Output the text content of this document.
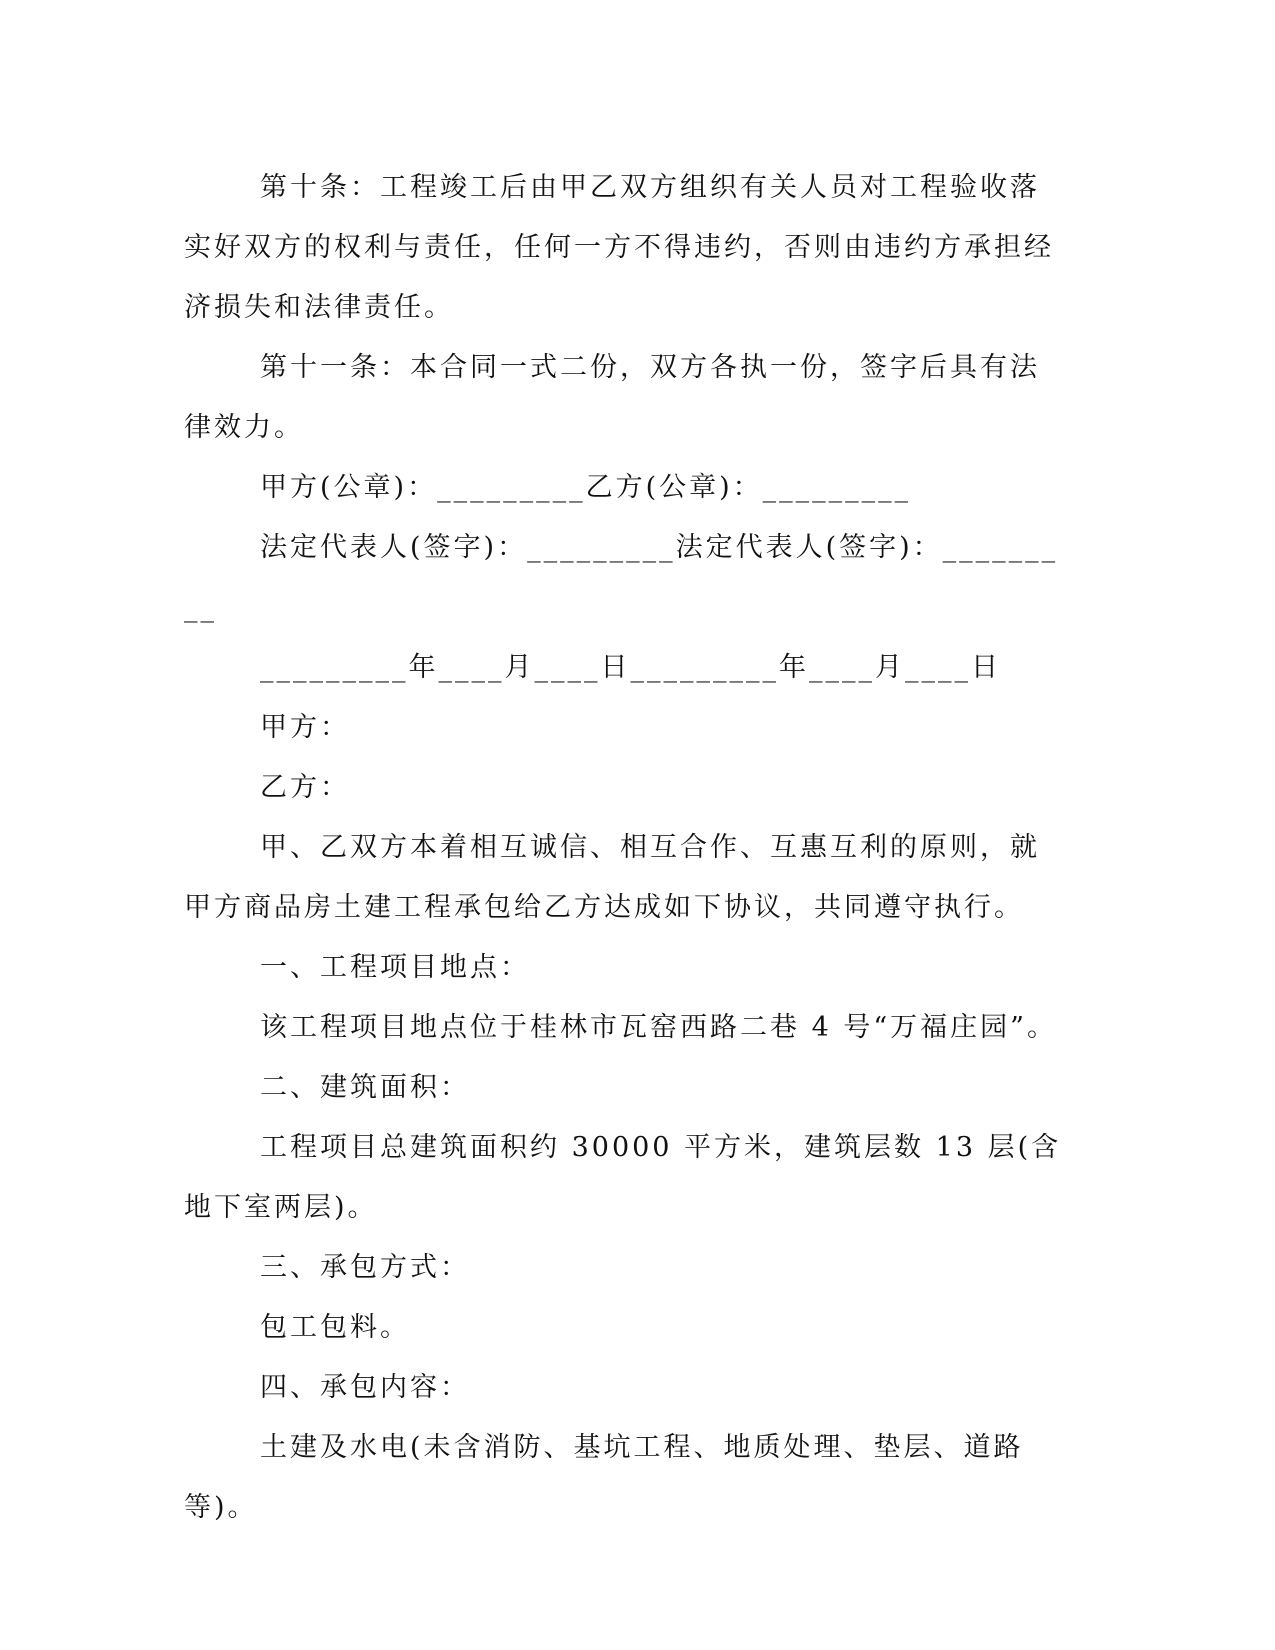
第十条：工程竣工后由甲乙双方组织有关人员对工程验收落实好双方的权利与责任，任何一方不得违约，否则由违约方承担经济损失和法律责任。

第十一条：本合同一式二份，双方各执一份，签字后具有法律效力。

甲方(公章)：_________乙方(公章)：_________

法定代表人(签字)：_________法定代表人(签字)：_________

_________年____月____日_________年____月____日

甲方：

乙方：

甲、乙双方本着相互诚信、相互合作、互惠互利的原则，就甲方商品房土建工程承包给乙方达成如下协议，共同遵守执行。

一、工程项目地点：

该工程项目地点位于桂林市瓦窑西路二巷 4 号“万福庄园”。

二、建筑面积：

工程项目总建筑面积约 30000 平方米，建筑层数 13 层(含地下室两层)。

三、承包方式：

包工包料。

四、承包内容：

土建及水电(未含消防、基坑工程、地质处理、垫层、道路等)。
